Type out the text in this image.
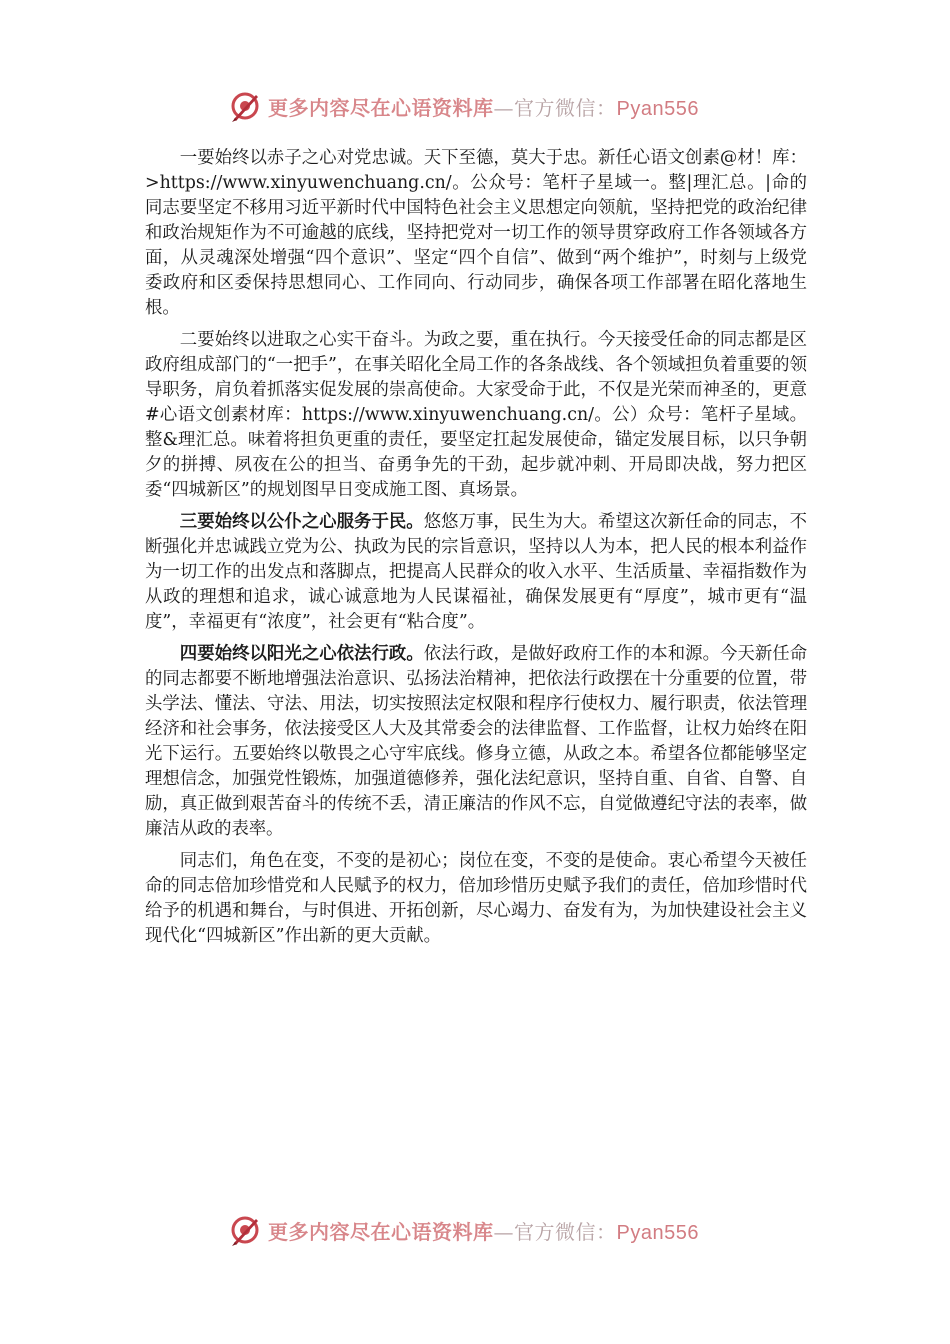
更多内容尽在心语资料库—官方微信：Pyan556

一要始终以赤子之心对党忠诚。天下至德，莫大于忠。新任心语文创素@材！库：>https://www.xinyuwenchuang.cn/。公众号：笔杆子星域一。整|理汇总。|命的同志要坚定不移用习近平新时代中国特色社会主义思想定向领航，坚持把党的政治纪律和政治规矩作为不可逾越的底线，坚持把党对一切工作的领导贯穿政府工作各领域各方面，从灵魂深处增强“四个意识”、坚定“四个自信”、做到“两个维护”，时刻与上级党委政府和区委保持思想同心、工作同向、行动同步，确保各项工作部署在昭化落地生根。

二要始终以进取之心实干奋斗。为政之要，重在执行。今天接受任命的同志都是区政府组成部门的“一把手”，在事关昭化全局工作的各条战线、各个领域担负着重要的领导职务，肩负着抓落实促发展的崇高使命。大家受命于此，不仅是光荣而神圣的，更意#心语文创素材库：https://www.xinyuwenchuang.cn/。公）众号：笔杆子星域。整&理汇总。味着将担负更重的责任，要坚定扛起发展使命，锚定发展目标，以只争朝夕的拼搏、夙夜在公的担当、奋勇争先的干劲，起步就冲刺、开局即决战，努力把区委“四城新区”的规划图早日变成施工图、真场景。

三要始终以公仆之心服务于民。悠悠万事，民生为大。希望这次新任命的同志，不断强化并忠诚践立党为公、执政为民的宗旨意识，坚持以人为本，把人民的根本利益作为一切工作的出发点和落脚点，把提高人民群众的收入水平、生活质量、幸福指数作为从政的理想和追求，诚心诚意地为人民谋福祉，确保发展更有“厚度”，城市更有“温度”，幸福更有“浓度”，社会更有“粘合度”。

四要始终以阳光之心依法行政。依法行政，是做好政府工作的本和源。今天新任命的同志都要不断地增强法治意识、弘扬法治精神，把依法行政摆在十分重要的位置，带头学法、懂法、守法、用法，切实按照法定权限和程序行使权力、履行职责，依法管理经济和社会事务，依法接受区人大及其常委会的法律监督、工作监督，让权力始终在阳光下运行。五要始终以敬畏之心守牢底线。修身立德，从政之本。希望各位都能够坚定理想信念，加强党性锻炼，加强道德修养，强化法纪意识，坚持自重、自省、自警、自励，真正做到艰苦奋斗的传统不丢，清正廉洁的作风不忘，自觉做遵纪守法的表率，做廉洁从政的表率。

同志们，角色在变，不变的是初心；岗位在变，不变的是使命。衷心希望今天被任命的同志倍加珍惜党和人民赋予的权力，倍加珍惜历史赋予我们的责任，倍加珍惜时代给予的机遇和舞台，与时俱进、开拓创新，尽心竭力、奋发有为，为加快建设社会主义现代化“四城新区”作出新的更大贡献。

更多内容尽在心语资料库—官方微信：Pyan556
